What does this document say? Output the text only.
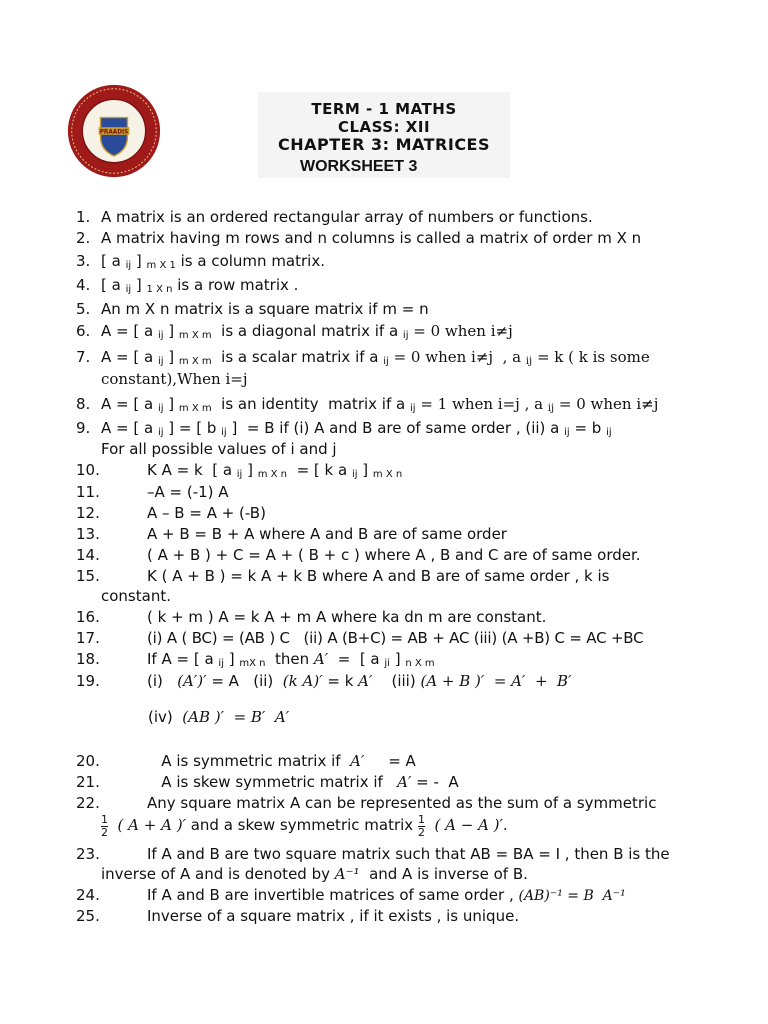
PRAADIS
TERM - 1 MATHS
CLASS: XII
CHAPTER 3: MATRICES
WORKSHEET 3
1. A matrix is an ordered rectangular array of numbers or functions.
2. A matrix having m rows and n columns is called a matrix of order m X n
3. [ a ij ] m X 1 is a column matrix.
4. [ a ij ] 1 X n is a row matrix .
5. An m X n matrix is a square matrix if m = n
6. A = [ a ij ] m X m  is a diagonal matrix if a ij = 0 when i≠j
7. A = [ a ij ] m X m  is a scalar matrix if a ij = 0 when i≠j  , a ij = k ( k is some
constant),When i=j
8. A = [ a ij ] m X m  is an identity  matrix if a ij = 1 when i=j , a ij = 0 when i≠j
9. A = [ a ij ] = [ b ij ]  = B if (i) A and B are of same order , (ii) a ij = b ij
For all possible values of i and j
10.	K A = k  [ a ij ] m X n  = [ k a ij ] m X n
11.	–A = (-1) A
12.	A – B = A + (-B)
13.	A + B = B + A where A and B are of same order
14.	( A + B ) + C = A + ( B + c ) where A , B and C are of same order.
15.	K ( A + B ) = k A + k B where A and B are of same order , k is
constant.
16.	( k + m ) A = k A + m A where ka dn m are constant.
17.	(i) A ( BC) = (AB ) C   (ii) A (B+C) = AB + AC (iii) (A +B) C = AC +BC
18.	If A = [ a ij ] mX n  then A′  =  [ a ji ] n X m
19.	(i)   (A′)′ = A   (ii)  (k A)′ = k A′    (iii) (A + B )′  = A′  +  B′
(iv)  (AB )′  = B′  A′
20.	A is symmetric matrix if  A′     = A
21.	A is skew symmetric matrix if   A′ = -  A
22.	Any square matrix A can be represented as the sum of a symmetric
$\frac{1}{2}$ ( A + A )′ and a skew symmetric matrix $\frac{1}{2}$ ( A − A )′.
23.	If A and B are two square matrix such that AB = BA = I , then B is the
inverse of A and is denoted by A⁻¹  and A is inverse of B.
24.	If A and B are invertible matrices of same order , (AB)⁻¹ = B  A⁻¹
25.	Inverse of a square matrix , if it exists , is unique.
